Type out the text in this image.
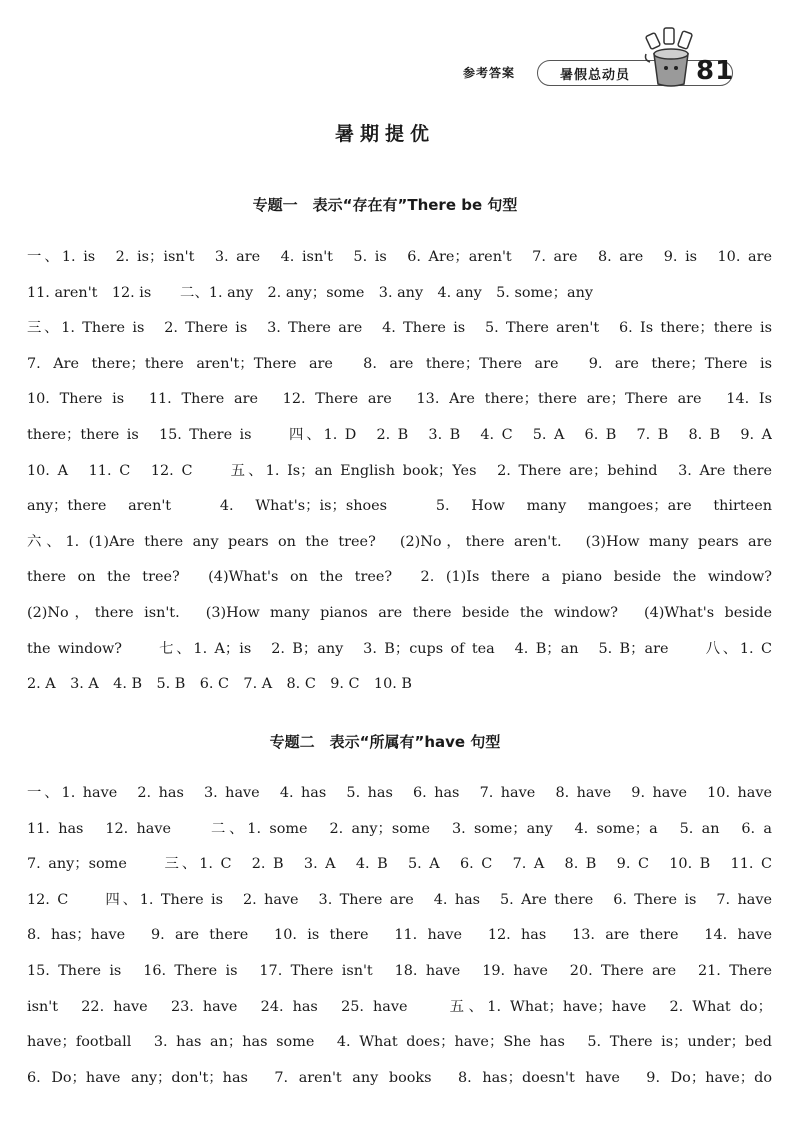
参考答案	暑假总动员	81
暑期提优
专题一　表示“存在有”There be 句型
一、1. is　2. is；isn't　3. are　4. isn't　5. is　6. Are；aren't　7. are　8. are　9. is　10. are
11. aren't　12. is　　二、1. any　2. any；some　3. any　4. any　5. some；any
三、1. There is　2. There is　3. There are　4. There is　5. There aren't　6. Is there；there is
7. Are there；there aren't；There are　8. are there；There are　9. are there；There is
10. There is　11. There are　12. There are　13. Are there；there are；There are　14. Is
there；there is　15. There is　　四、1. D　2. B　3. B　4. C　5. A　6. B　7. B　8. B　9. A
10. A　11. C　12. C　　五、1. Is；an English book；Yes　2. There are；behind　3. Are there
any；there aren't　4. What's；is；shoes　5. How many mangoes；are thirteen
六、1. (1)Are there any pears on the tree?　(2)No，there aren't.　(3)How many pears are
there on the tree?　(4)What's on the tree?　2. (1)Is there a piano beside the window?
(2)No，there isn't.　(3)How many pianos are there beside the window?　(4)What's beside
the window?　　七、1. A；is　2. B；any　3. B；cups of tea　4. B；an　5. B；are　　八、1. C
2. A　3. A　4. B　5. B　6. C　7. A　8. C　9. C　10. B
专题二　表示“所属有”have 句型
一、1. have　2. has　3. have　4. has　5. has　6. has　7. have　8. have　9. have　10. have
11. has　12. have　　二、1. some　2. any；some　3. some；any　4. some；a　5. an　6. a
7. any；some　　三、1. C　2. B　3. A　4. B　5. A　6. C　7. A　8. B　9. C　10. B　11. C
12. C　　四、1. There is　2. have　3. There are　4. has　5. Are there　6. There is　7. have
8. has；have　9. are there　10. is there　11. have　12. has　13. are there　14. have
15. There is　16. There is　17. There isn't　18. have　19. have　20. There are　21. There
isn't　22. have　23. have　24. has　25. have　　五、1. What；have；have　2. What do；
have；football　3. has an；has some　4. What does；have；She has　5. There is；under；bed
6. Do；have any；don't；has　7. aren't any books　8. has；doesn't have　9. Do；have；do
